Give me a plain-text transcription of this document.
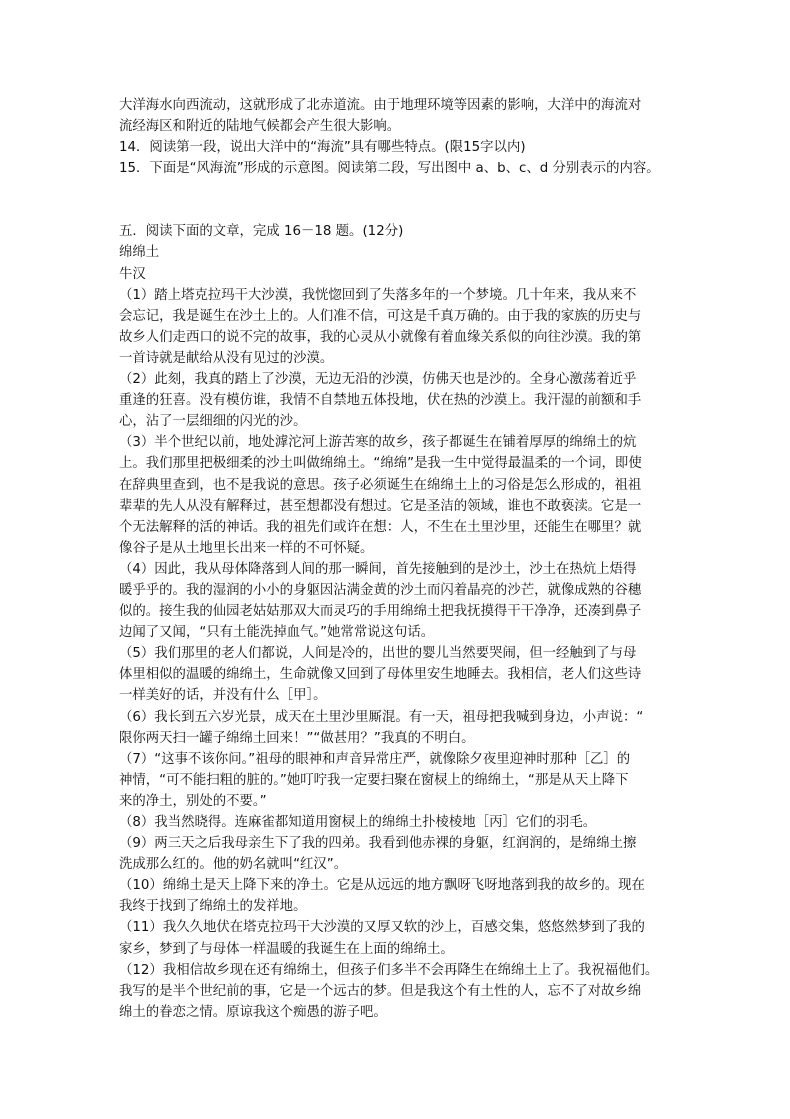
大洋海水向西流动，这就形成了北赤道流。由于地理环境等因素的影响，大洋中的海流对

流经海区和附近的陆地气候都会产生很大影响。

14．阅读第一段，说出大洋中的“海流”具有哪些特点。(限15字以内)

15．下面是“风海流”形成的示意图。阅读第二段，写出图中 a、b、c、d 分别表示的内容。

五．阅读下面的文章，完成 16－18 题。(12分)

绵绵土

牛汉

（1）踏上塔克拉玛干大沙漠，我恍惚回到了失落多年的一个梦境。几十年来，我从来不

会忘记，我是诞生在沙土上的。人们准不信，可这是千真万确的。由于我的家族的历史与

故乡人们走西口的说不完的故事，我的心灵从小就像有着血缘关系似的向往沙漠。我的第

一首诗就是献给从没有见过的沙漠。

（2）此刻，我真的踏上了沙漠，无边无沿的沙漠，仿佛天也是沙的。全身心激荡着近乎

重逢的狂喜。没有模仿谁，我情不自禁地五体投地，伏在热的沙漠上。我汗湿的前额和手

心，沾了一层细细的闪光的沙。

（3）半个世纪以前，地处滹沱河上游苦寒的故乡，孩子都诞生在铺着厚厚的绵绵土的炕

上。我们那里把极细柔的沙土叫做绵绵土。“绵绵”是我一生中觉得最温柔的一个词，即使

在辞典里查到，也不是我说的意思。孩子必须诞生在绵绵土上的习俗是怎么形成的，祖祖

辈辈的先人从没有解释过，甚至想都没有想过。它是圣洁的领域，谁也不敢亵渎。它是一

个无法解释的活的神话。我的祖先们或许在想：人，不生在土里沙里，还能生在哪里？就

像谷子是从土地里长出来一样的不可怀疑。

（4）因此，我从母体降落到人间的那一瞬间，首先接触到的是沙土，沙土在热炕上焐得

暖乎乎的。我的湿润的小小的身躯因沾满金黄的沙土而闪着晶亮的沙芒，就像成熟的谷穗

似的。接生我的仙园老姑姑那双大而灵巧的手用绵绵土把我抚摸得干干净净，还凑到鼻子

边闻了又闻，“只有土能洗掉血气。”她常常说这句话。

（5）我们那里的老人们都说，人间是冷的，出世的婴儿当然要哭闹，但一经触到了与母

体里相似的温暖的绵绵土，生命就像又回到了母体里安生地睡去。我相信，老人们这些诗

一样美好的话，并没有什么［甲］。

（6）我长到五六岁光景，成天在土里沙里厮混。有一天，祖母把我喊到身边，小声说：“

限你两天扫一罐子绵绵土回来！”“做甚用？”我真的不明白。

（7）“这事不该你问。”祖母的眼神和声音异常庄严，就像除夕夜里迎神时那种［乙］的

神情，“可不能扫粗的脏的。”她叮咛我一定要扫聚在窗棂上的绵绵土，“那是从天上降下

来的净土，别处的不要。”

（8）我当然晓得。连麻雀都知道用窗棂上的绵绵土扑棱棱地［丙］它们的羽毛。

（9）两三天之后我母亲生下了我的四弟。我看到他赤裸的身躯，红润润的，是绵绵土擦

洗成那么红的。他的奶名就叫“红汉”。

（10）绵绵土是天上降下来的净土。它是从远远的地方飘呀飞呀地落到我的故乡的。现在

我终于找到了绵绵土的发祥地。

（11）我久久地伏在塔克拉玛干大沙漠的又厚又软的沙上，百感交集，悠悠然梦到了我的

家乡，梦到了与母体一样温暖的我诞生在上面的绵绵土。

（12）我相信故乡现在还有绵绵土，但孩子们多半不会再降生在绵绵土上了。我祝福他们。

我写的是半个世纪前的事，它是一个远古的梦。但是我这个有土性的人，忘不了对故乡绵

绵土的眷恋之情。原谅我这个痴愚的游子吧。
